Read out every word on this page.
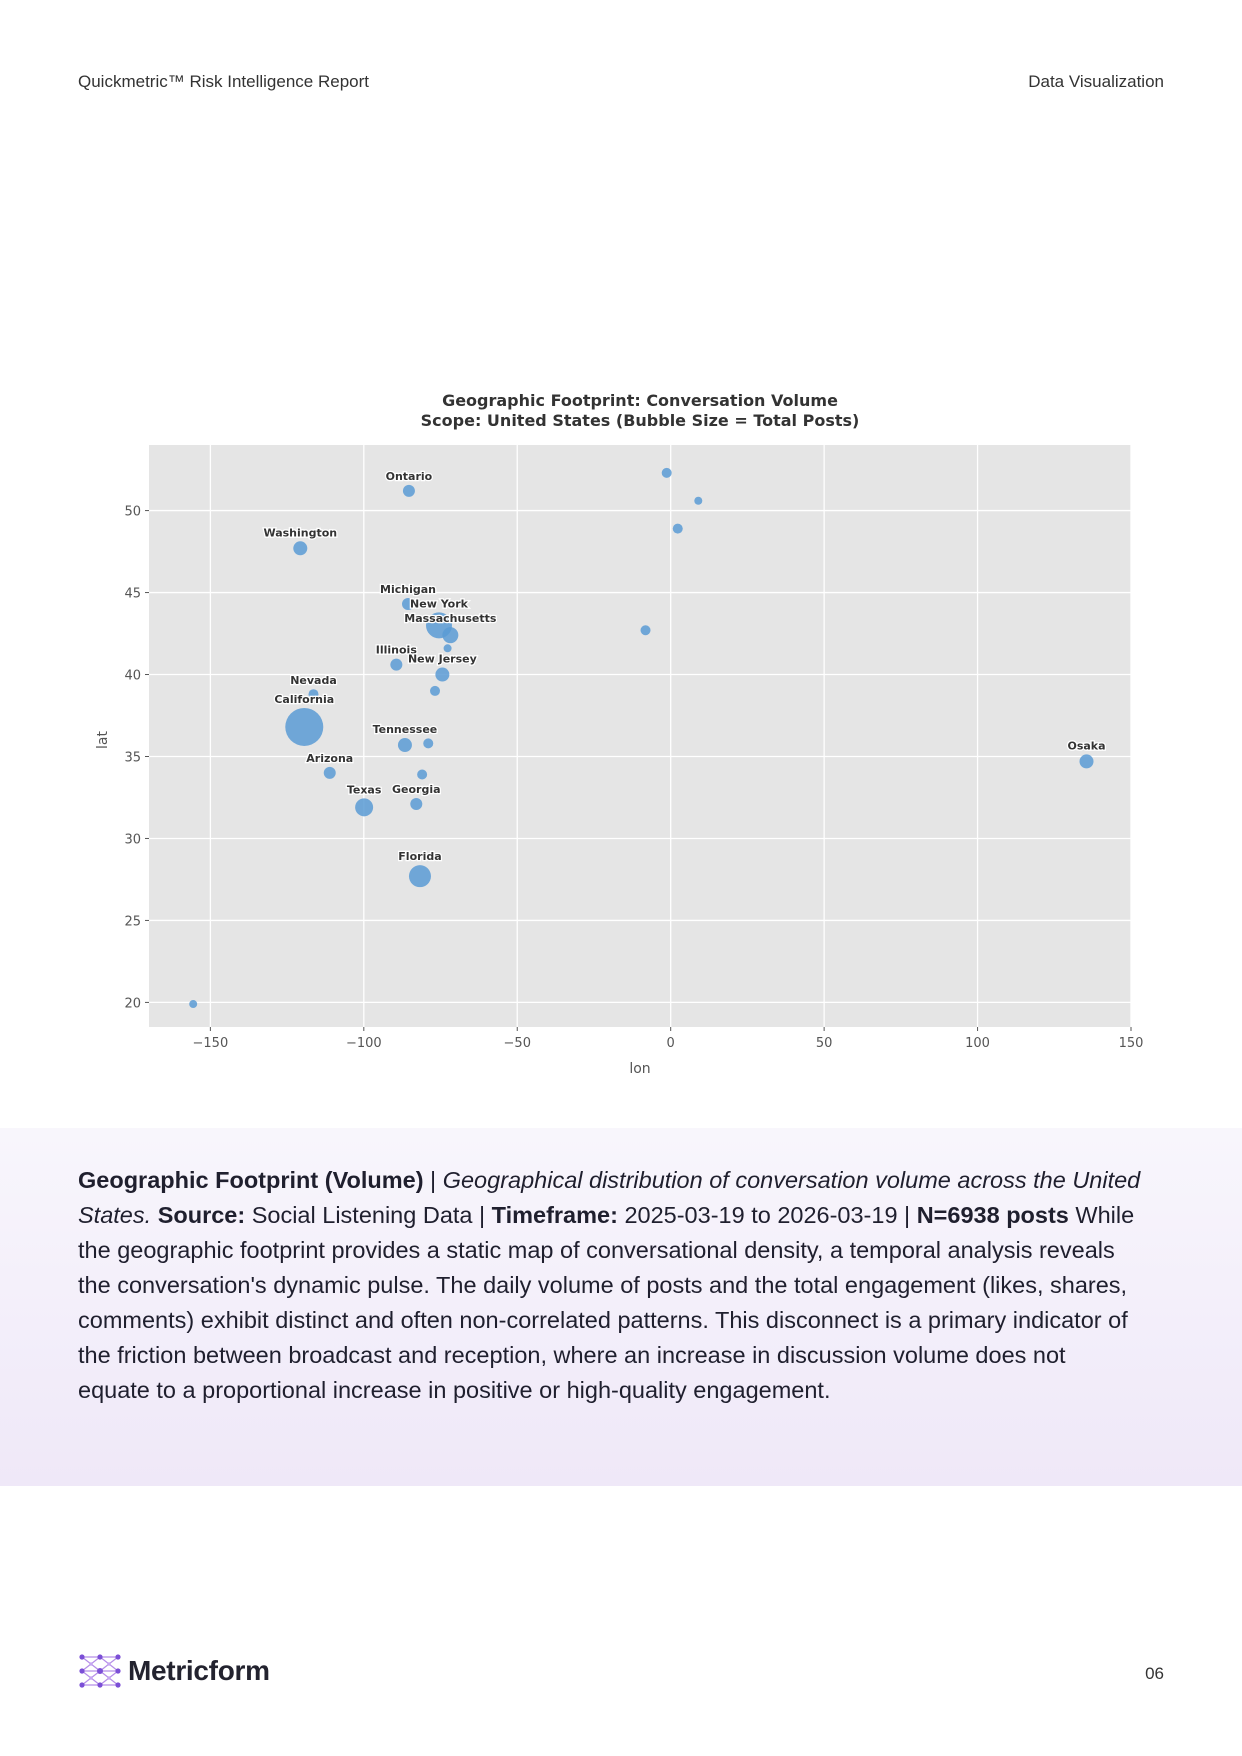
Quickmetric™ Risk Intelligence Report	Data Visualization
Geographic Footprint: Conversation Volume
Scope: United States (Bubble Size = Total Posts)
−150	−100	−50	0	50	100	150
20
25
30
35
40
45
50
Ontario
Washington
Michigan
New York
Massachusetts
Illinois
New Jersey
Nevada
California
Tennessee
Osaka
Arizona
Texas Georgia
Florida
lon
lat
Geographic Footprint (Volume) | Geographical distribution of conversation volume across the United States. Source: Social Listening Data | Timeframe: 2025-03-19 to 2026-03-19 | N=6938 posts While the geographic footprint provides a static map of conversational density, a temporal analysis reveals the conversation's dynamic pulse. The daily volume of posts and the total engagement (likes, shares, comments) exhibit distinct and often non-correlated patterns. This disconnect is a primary indicator of the friction between broadcast and reception, where an increase in discussion volume does not equate to a proportional increase in positive or high-quality engagement.
Metricform	06
